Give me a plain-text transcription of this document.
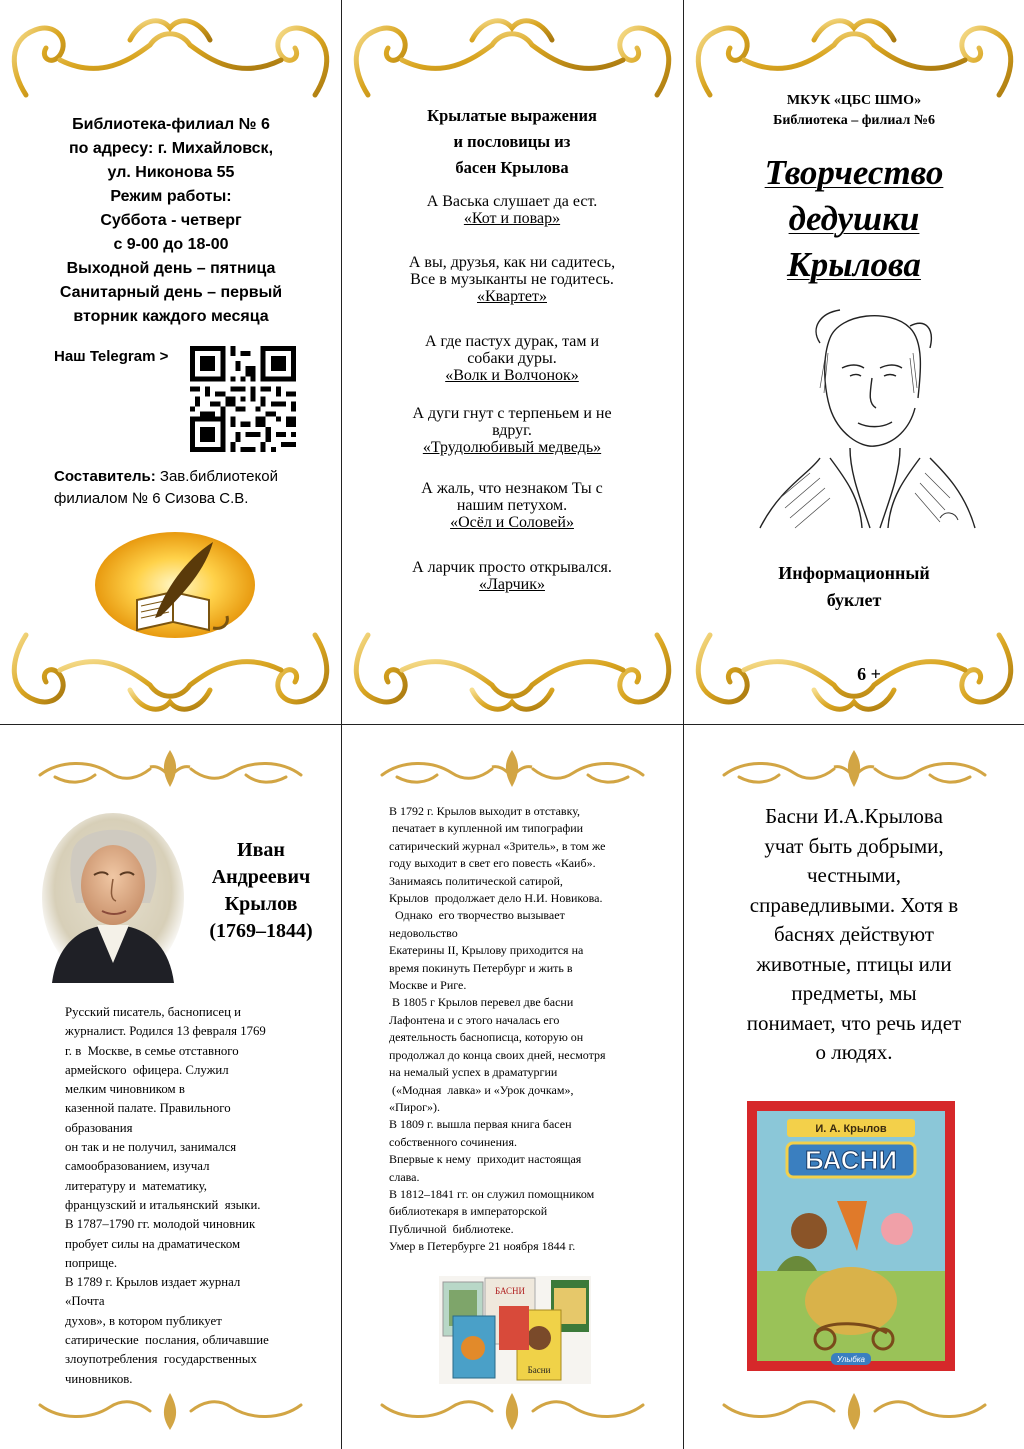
Библиотека-филиал № 6

по адресу: г. Михайловск,

ул. Никонова 55

Режим работы:

Суббота - четверг

с 9-00 до 18-00

Выходной день – пятница

Санитарный день – первый

вторник каждого месяца

Наш Telegram >

Составитель: Зав.библиотекой

филиалом № 6 Сизова С.В.

Крылатые выражения

и пословицы из

басен Крылова

А Васька слушает да ест.

«Кот и повар»

А вы, друзья, как ни садитесь,
Все в музыканты не годитесь.

«Квартет»

А где пастух дурак, там и
собаки дуры.

«Волк и Волчонок»

А дуги гнут с терпеньем и не
вдруг.

«Трудолюбивый медведь»

А жаль, что незнаком Ты с
нашим петухом.

«Осёл и Соловей»

А ларчик просто открывался.

«Ларчик»

МКУК «ЦБС ШМО»

Библиотека – филиал №6

Творчество

дедушки

Крылова

Информационный

буклет

6 +

Иван

Андреевич

Крылов

(1769–1844)

Русский писатель, баснописец и

журналист. Родился 13 февраля 1769

г. в  Москве, в семье отставного

армейского  офицера. Служил

мелким чиновником в

казенной палате. Правильного

образования

он так и не получил, занимался

самообразованием, изучал

литературу и  математику,

французский и итальянский  языки.

В 1787–1790 гг. молодой чиновник

пробует силы на драматическом

поприще.

В 1789 г. Крылов издает журнал

«Почта

духов», в котором публикует

сатирические  послания, обличавшие

злоупотребления  государственных

чиновников.

В 1792 г. Крылов выходит в отставку,

печатает в купленной им типографии

сатирический журнал «Зритель», в том же

году выходит в свет его повесть «Каиб».

Занимаясь политической сатирой,

Крылов  продолжает дело Н.И. Новикова.

Однако  его творчество вызывает

недовольство

Екатерины II, Крылову приходится на

время покинуть Петербург и жить в

Москве и Риге.

В 1805 г Крылов перевел две басни

Лафонтена и с этого началась его

деятельность баснописца, которую он

продолжал до конца своих дней, несмотря

на немалый успех в драматургии

(«Модная  лавка» и «Урок дочкам»,

«Пирог»).

В 1809 г. вышла первая книга басен

собственного сочинения.

Впервые к нему  приходит настоящая

слава.

В 1812–1841 гг. он служил помощником

библиотекаря в императорской

Публичной  библиотеке.

Умер в Петербурге 21 ноября 1844 г.

БАСНИ
Басни

Басни И.А.Крылова

учат быть добрыми,

честными,

справедливыми. Хотя в

баснях действуют

животные, птицы или

предметы, мы

понимает, что речь идет

о людях.

И. А. Крылов
БАСНИ
Улыбка
